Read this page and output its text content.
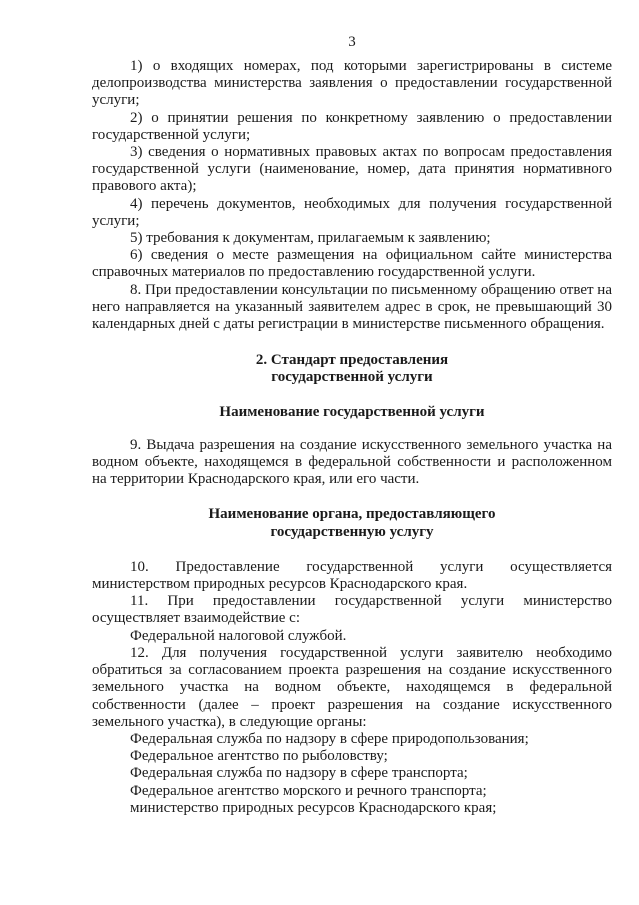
3

1) о входящих номерах, под которыми зарегистрированы в системе делопроизводства министерства заявления о предоставлении государственной услуги;

2) о принятии решения по конкретному заявлению о предоставлении государственной услуги;

3) сведения о нормативных правовых актах по вопросам предоставления государственной услуги (наименование, номер, дата принятия нормативного правового акта);

4) перечень документов, необходимых для получения государственной услуги;

5) требования к документам, прилагаемым к заявлению;

6) сведения о месте размещения на официальном сайте министерства справочных материалов по предоставлению государственной услуги.

8. При предоставлении консультации по письменному обращению ответ на него направляется на указанный заявителем адрес в срок, не превышающий 30 календарных дней с даты регистрации в министерстве письменного обращения.

2. Стандарт предоставления
государственной услуги
Наименование государственной услуги

9. Выдача разрешения на создание искусственного земельного участка на водном объекте, находящемся в федеральной собственности и расположенном на территории Краснодарского края, или его части.

Наименование органа, предоставляющего
государственную услугу

10. Предоставление государственной услуги осуществляется министерством природных ресурсов Краснодарского края.

11. При предоставлении государственной услуги министерство осуществляет взаимодействие с:

Федеральной налоговой службой.

12. Для получения государственной услуги заявителю необходимо обратиться за согласованием проекта разрешения на создание искусственного земельного участка на водном объекте, находящемся в федеральной собственности (далее – проект разрешения на создание искусственного земельного участка), в следующие органы:

Федеральная служба по надзору в сфере природопользования;

Федеральное агентство по рыболовству;

Федеральная служба по надзору в сфере транспорта;

Федеральное агентство морского и речного транспорта;

министерство природных ресурсов Краснодарского края;
